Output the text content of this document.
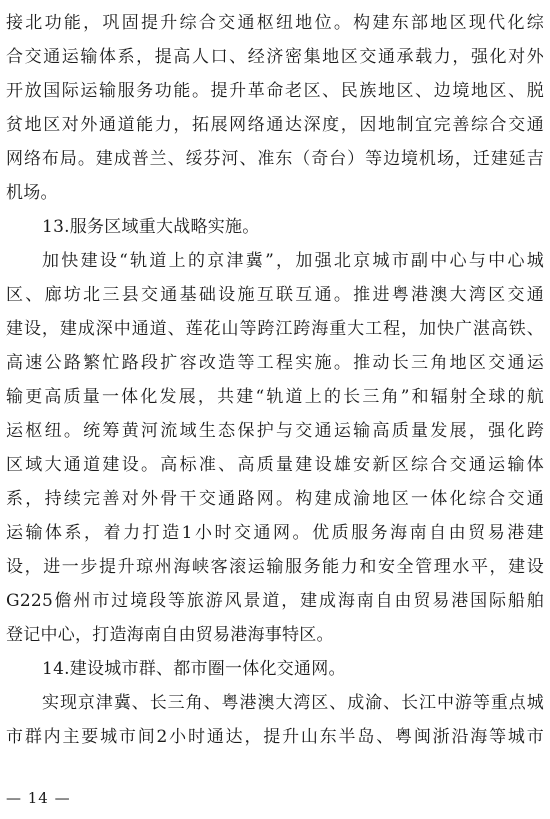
接北功能，巩固提升综合交通枢纽地位。构建东部地区现代化综
合交通运输体系，提高人口、经济密集地区交通承载力，强化对外
开放国际运输服务功能。提升革命老区、民族地区、边境地区、脱
贫地区对外通道能力，拓展网络通达深度，因地制宜完善综合交通
网络布局。建成普兰、绥芬河、准东（奇台）等边境机场，迁建延吉
机场。
13.服务区域重大战略实施。
加快建设“轨道上的京津冀”，加强北京城市副中心与中心城
区、廊坊北三县交通基础设施互联互通。推进粤港澳大湾区交通
建设，建成深中通道、莲花山等跨江跨海重大工程，加快广湛高铁、
高速公路繁忙路段扩容改造等工程实施。推动长三角地区交通运
输更高质量一体化发展，共建“轨道上的长三角”和辐射全球的航
运枢纽。统筹黄河流域生态保护与交通运输高质量发展，强化跨
区域大通道建设。高标准、高质量建设雄安新区综合交通运输体
系，持续完善对外骨干交通路网。构建成渝地区一体化综合交通
运输体系，着力打造1小时交通网。优质服务海南自由贸易港建
设，进一步提升琼州海峡客滚运输服务能力和安全管理水平，建设
G225儋州市过境段等旅游风景道，建成海南自由贸易港国际船舶
登记中心，打造海南自由贸易港海事特区。
14.建设城市群、都市圈一体化交通网。
实现京津冀、长三角、粤港澳大湾区、成渝、长江中游等重点城
市群内主要城市间2小时通达，提升山东半岛、粤闽浙沿海等城市
— 14 —
